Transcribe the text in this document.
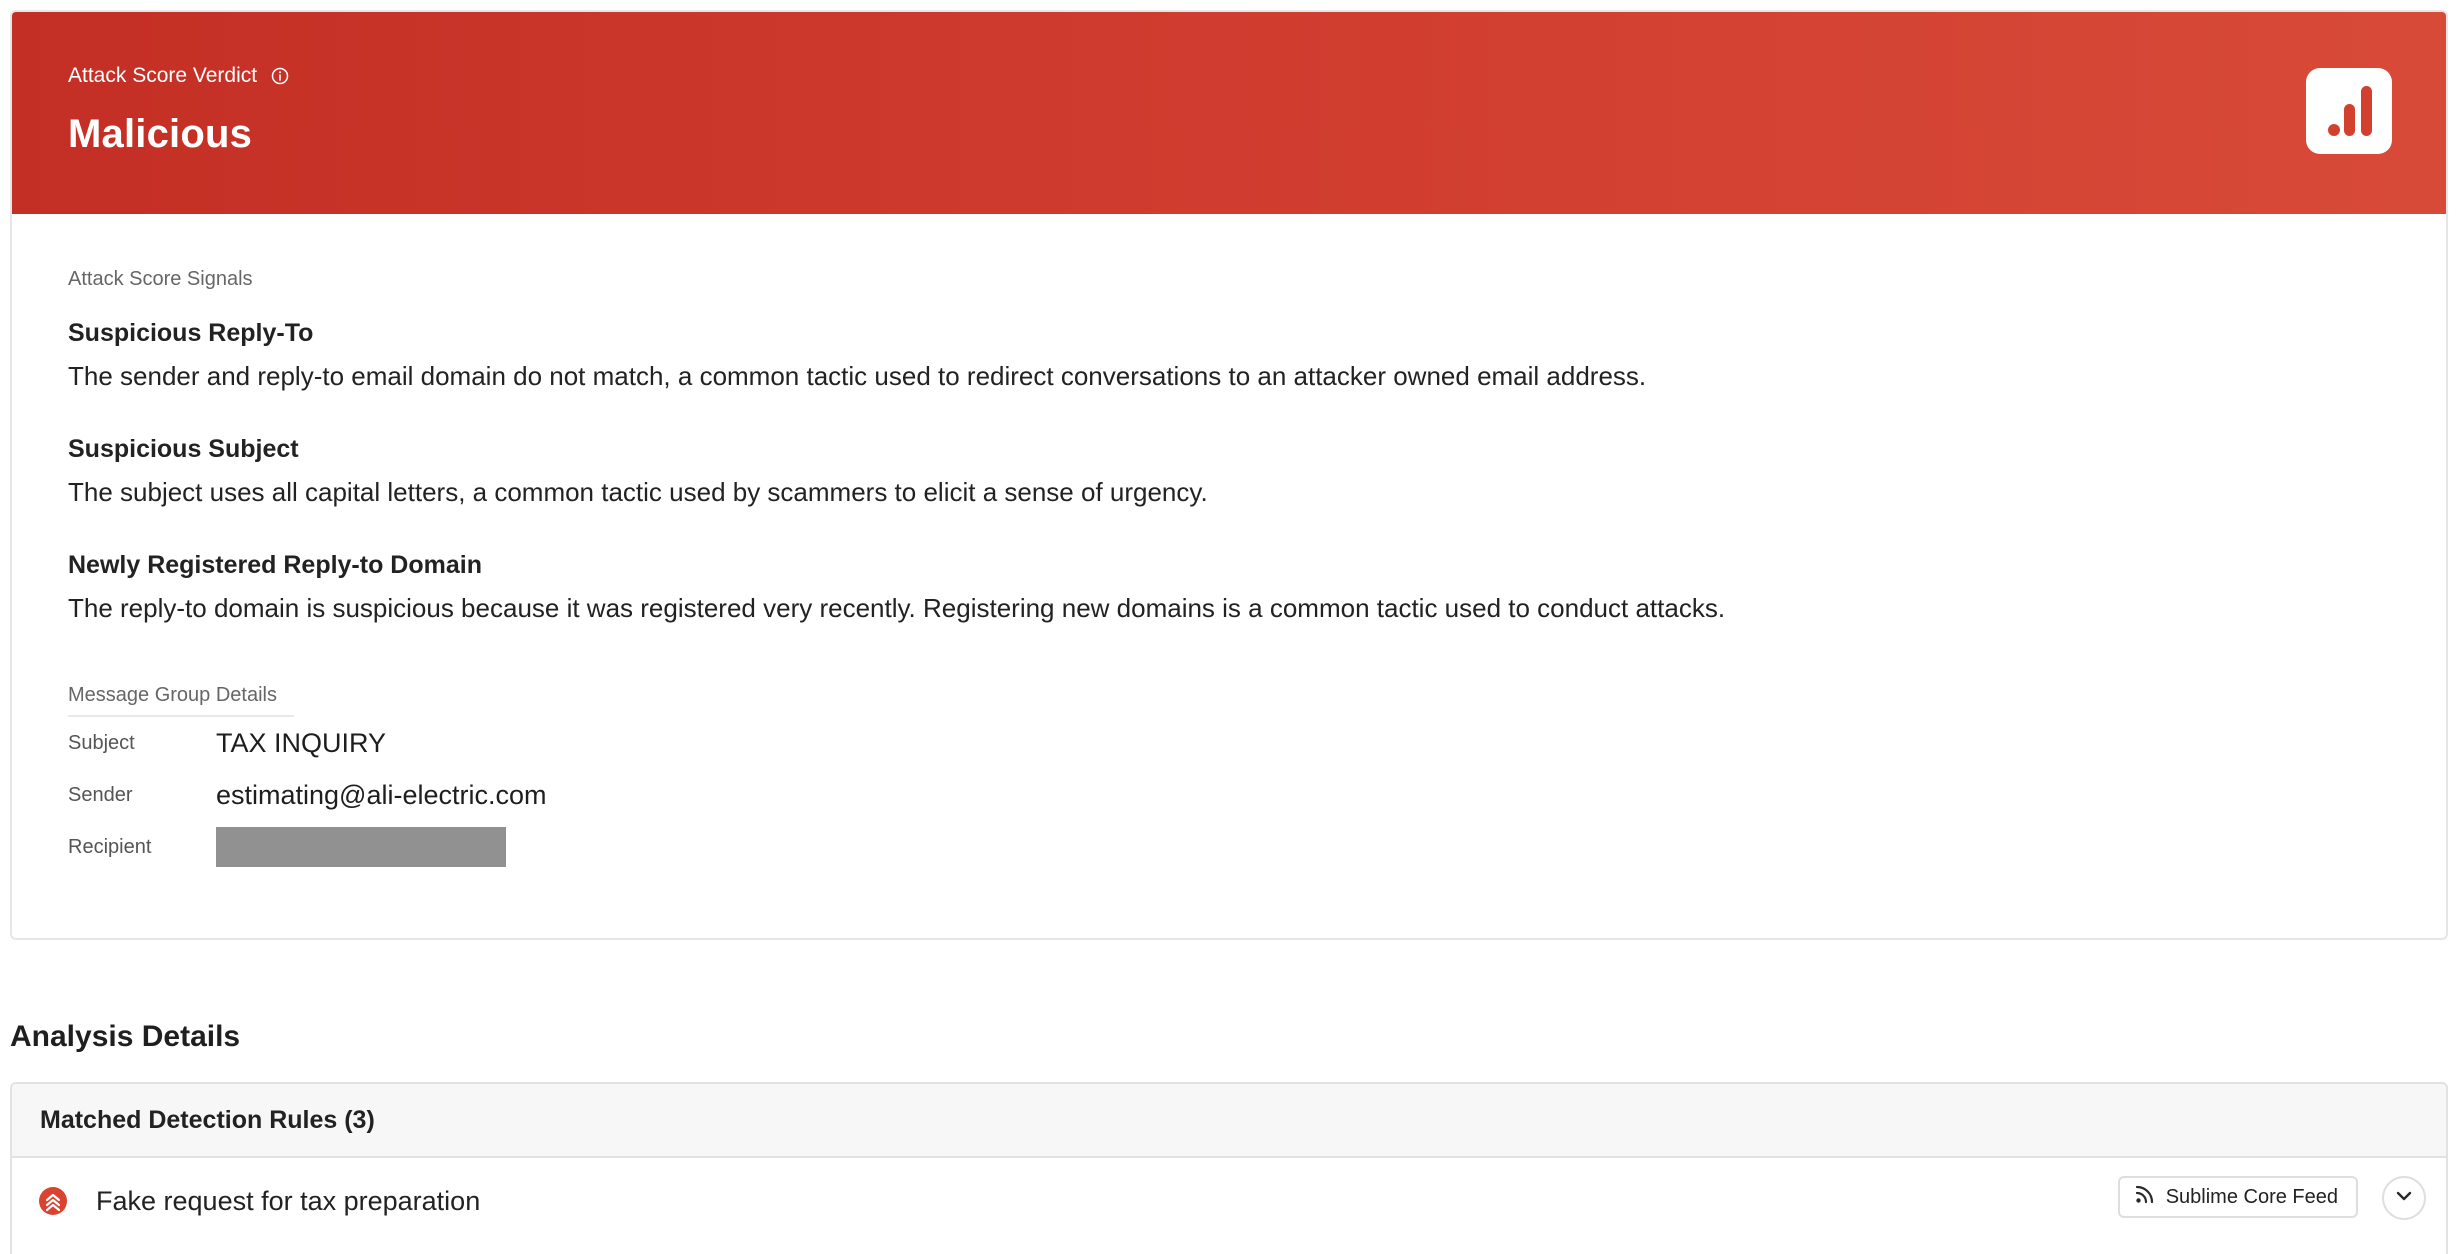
Attack Score Verdict
Malicious
Attack Score Signals
Suspicious Reply-To
The sender and reply-to email domain do not match, a common tactic used to redirect conversations to an attacker owned email address.
Suspicious Subject
The subject uses all capital letters, a common tactic used by scammers to elicit a sense of urgency.
Newly Registered Reply-to Domain
The reply-to domain is suspicious because it was registered very recently. Registering new domains is a common tactic used to conduct attacks.
Message Group Details
Subject	TAX INQUIRY
Sender	estimating@ali-electric.com
Recipient
Analysis Details
Matched Detection Rules (3)
Fake request for tax preparation	Sublime Core Feed
